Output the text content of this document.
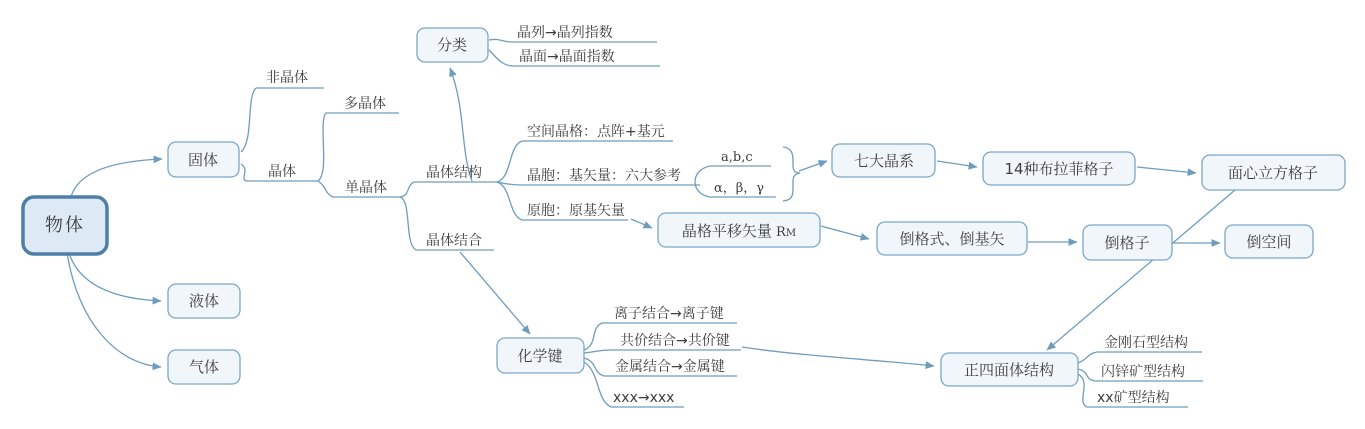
物体
固体
液体
气体
分类
七大晶系	14种布拉菲格子	面心立方格子
晶格平移矢量 RM	倒格式、倒基矢	倒格子	倒空间
化学键
正四面体结构
非晶体
晶体
多晶体
单晶体
晶体结构
晶体结合
晶列→晶列指数
晶面→晶面指数
空间晶格：点阵+基元
晶胞：基矢量：六大参考
a,b,c
α，β，γ
原胞：原基矢量
离子结合→离子键
共价结合→共价键
金属结合→金属键
xxx→xxx
金刚石型结构
闪锌矿型结构
xx矿型结构
